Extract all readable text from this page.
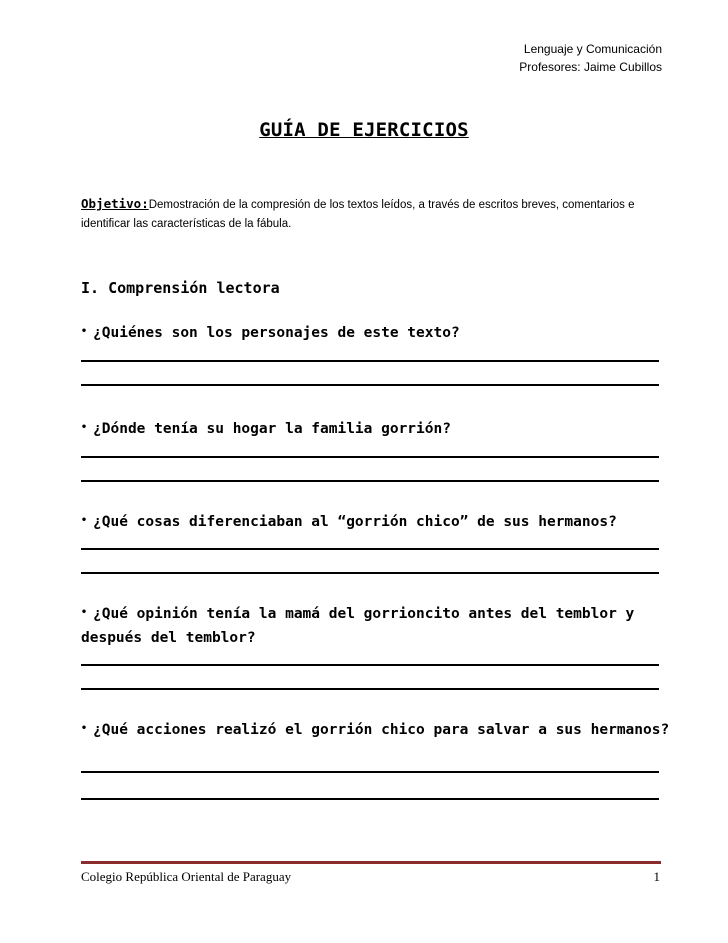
Lenguaje y Comunicación
Profesores: Jaime Cubillos
GUÍA DE EJERCICIOS
Objetivo:Demostración de la compresión de los textos leídos, a través de escritos breves, comentarios e identificar las características de la fábula.
I. Comprensión lectora
• ¿Quiénes son los personajes de este texto?
• ¿Dónde tenía su hogar la familia gorrión?
• ¿Qué cosas diferenciaban al “gorrión chico” de sus hermanos?
• ¿Qué opinión tenía la mamá del gorrioncito antes del temblor y después del temblor?
• ¿Qué acciones realizó el gorrión chico para salvar a sus hermanos?
Colegio República Oriental de Paraguay	1
